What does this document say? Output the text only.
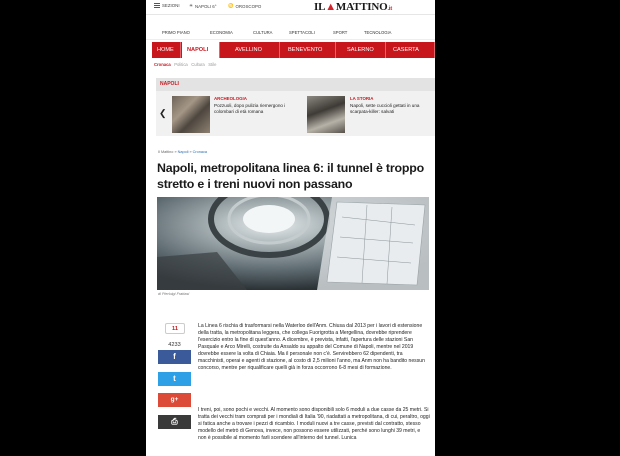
SEZIONI ☀ NAPOLI 6°	♋ OROSCOPO	IL▲MATTINO.it
PRIMO PIANO	ECONOMIA	CULTURA	SPETTACOLI	SPORT	TECNOLOGIA
HOME	NAPOLI	AVELLINO	BENEVENTO	SALERNO	CASERTA
Cronaca Politica Cultura Stile
NAPOLI
❮
ARCHEOLOGIA
Pozzuoli, dopo pulizia riemergono i colombari di età romana
LA STORIA
Napoli, sette cuccioli gettati in una scarpata-killer: salvati
Il Mattino » Napoli » Cronaca
Napoli, metropolitana linea 6: il tunnel è troppo stretto e i treni nuovi non passano
di Pierluigi Frattasi
11
4233
f
t
g+
⎙

La Linea 6 rischia di trasformarsi nella Waterloo dell'Anm. Chiusa dal 2013 per i lavori di estensione della tratta, la metropolitana leggera, che collega Fuorigrotta a Mergellina, dovrebbe riprendere l'esercizio entro la fine di quest'anno. A dicembre, è prevista, infatti, l'apertura delle stazioni San Pasquale e Arco Mirelli, costruite da Ansaldo su appalto del Comune di Napoli, mentre nel 2019 dovrebbe essere la volta di Chiaia. Ma il personale non c'è. Servirebbero 62 dipendenti, tra macchinisti, operai e agenti di stazione, al costo di 2,5 milioni l'anno, ma Anm non ha bandito nessun concorso, mentre per riqualificare quelli già in forza occorrono 6-8 mesi di formazione.

I treni, poi, sono pochi e vecchi. Al momento sono disponibili solo 6 moduli a due casse da 25 metri. Si tratta dei vecchi tram comprati per i mondiali di Italia '90, riadattati a metropolitana, di cui, peraltro, oggi si fatica anche a trovare i pezzi di ricambio. I moduli nuovi a tre casse, previsti dal contratto, stesso modello del metrò di Genova, invece, non possono essere utilizzati, perché sono lunghi 39 metri, e non è possibile al momento farli scendere all'interno del tunnel. Lunica
